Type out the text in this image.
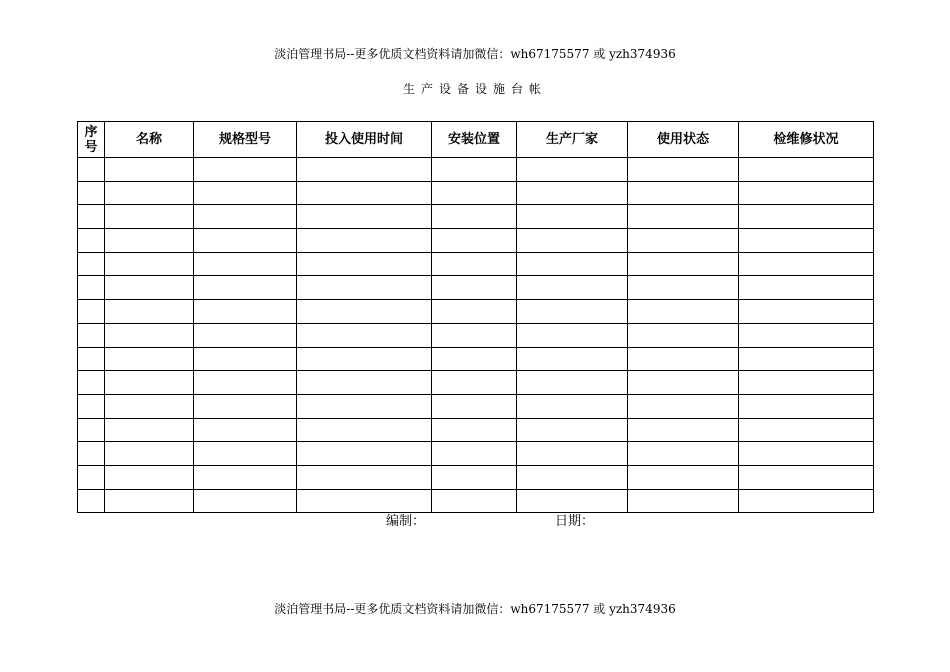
淡泊管理书局--更多优质文档资料请加微信：wh67175577 或 yzh374936
生产设备设施台帐
序
号	名称	规格型号	投入使用时间	安装位置	生产厂家	使用状态	检维修状况

编制：	日期：
淡泊管理书局--更多优质文档资料请加微信：wh67175577 或 yzh374936
